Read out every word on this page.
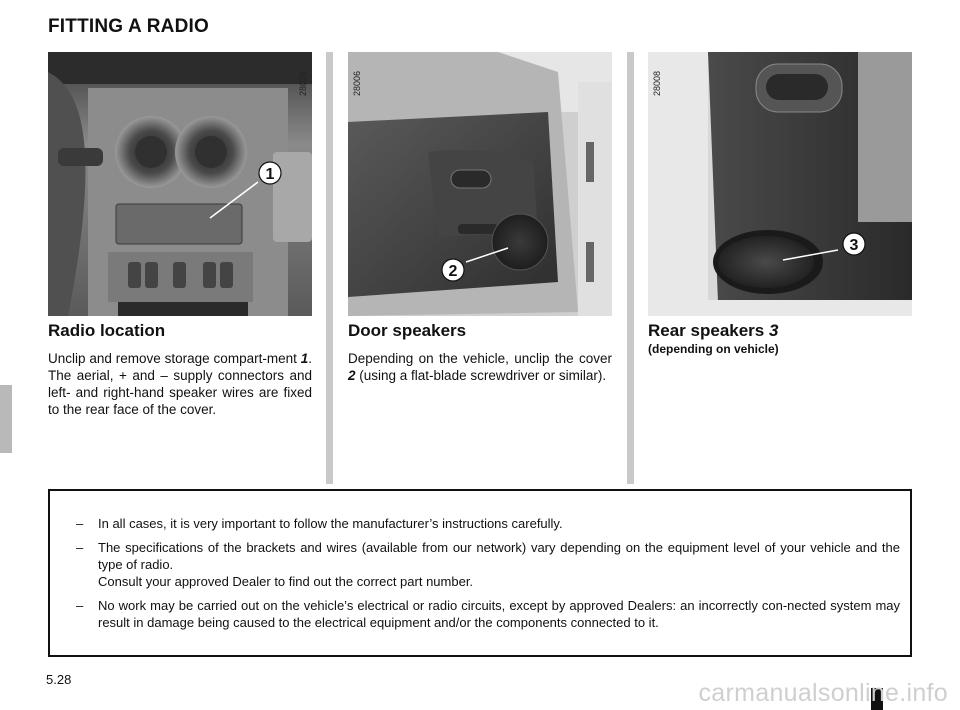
FITTING A RADIO
1
28028
2
28006
3
28008
Radio location

Unclip and remove storage compart-ment 1. The aerial, + and – supply connectors and left- and right-hand speaker wires are fixed to the rear face of the cover.

Door speakers

Depending on the vehicle, unclip the cover 2 (using a flat-blade screwdriver or similar).

Rear speakers 3
(depending on vehicle)
– In all cases, it is very important to follow the manufacturer’s instructions carefully.
– The specifications of the brackets and wires (available from our network) vary depending on the equipment level of your vehicle and the type of radio.
Consult your approved Dealer to find out the correct part number.
– No work may be carried out on the vehicle’s electrical or radio circuits, except by approved Dealers: an incorrectly con-nected system may result in damage being caused to the electrical equipment and/or the components connected to it.
5.28	carmanualsonline.info
